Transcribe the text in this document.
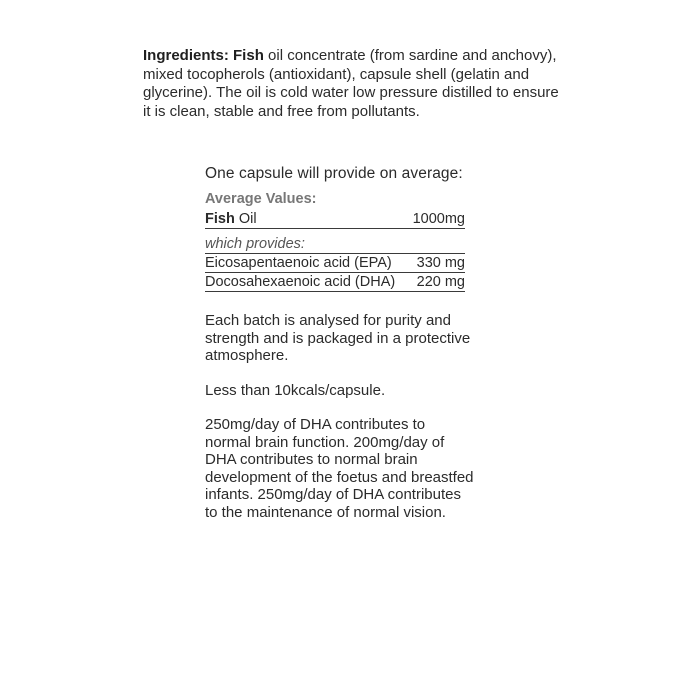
Ingredients: Fish oil concentrate (from sardine and anchovy), mixed tocopherols (antioxidant), capsule shell (gelatin and glycerine). The oil is cold water low pressure distilled to ensure it is clean, stable and free from pollutants.

One capsule will provide on average:

Average Values:

Fish Oil	1000mg

which provides:	
Eicosapentaenoic acid (EPA)	330 mg
Docosahexaenoic acid (DHA)	220 mg

Each batch is analysed for purity and strength and is packaged in a protective atmosphere.

Less than 10kcals/capsule.

250mg/day of DHA contributes to normal brain function. 200mg/day of DHA contributes to normal brain development of the foetus and breastfed infants. 250mg/day of DHA contributes to the maintenance of normal vision.
